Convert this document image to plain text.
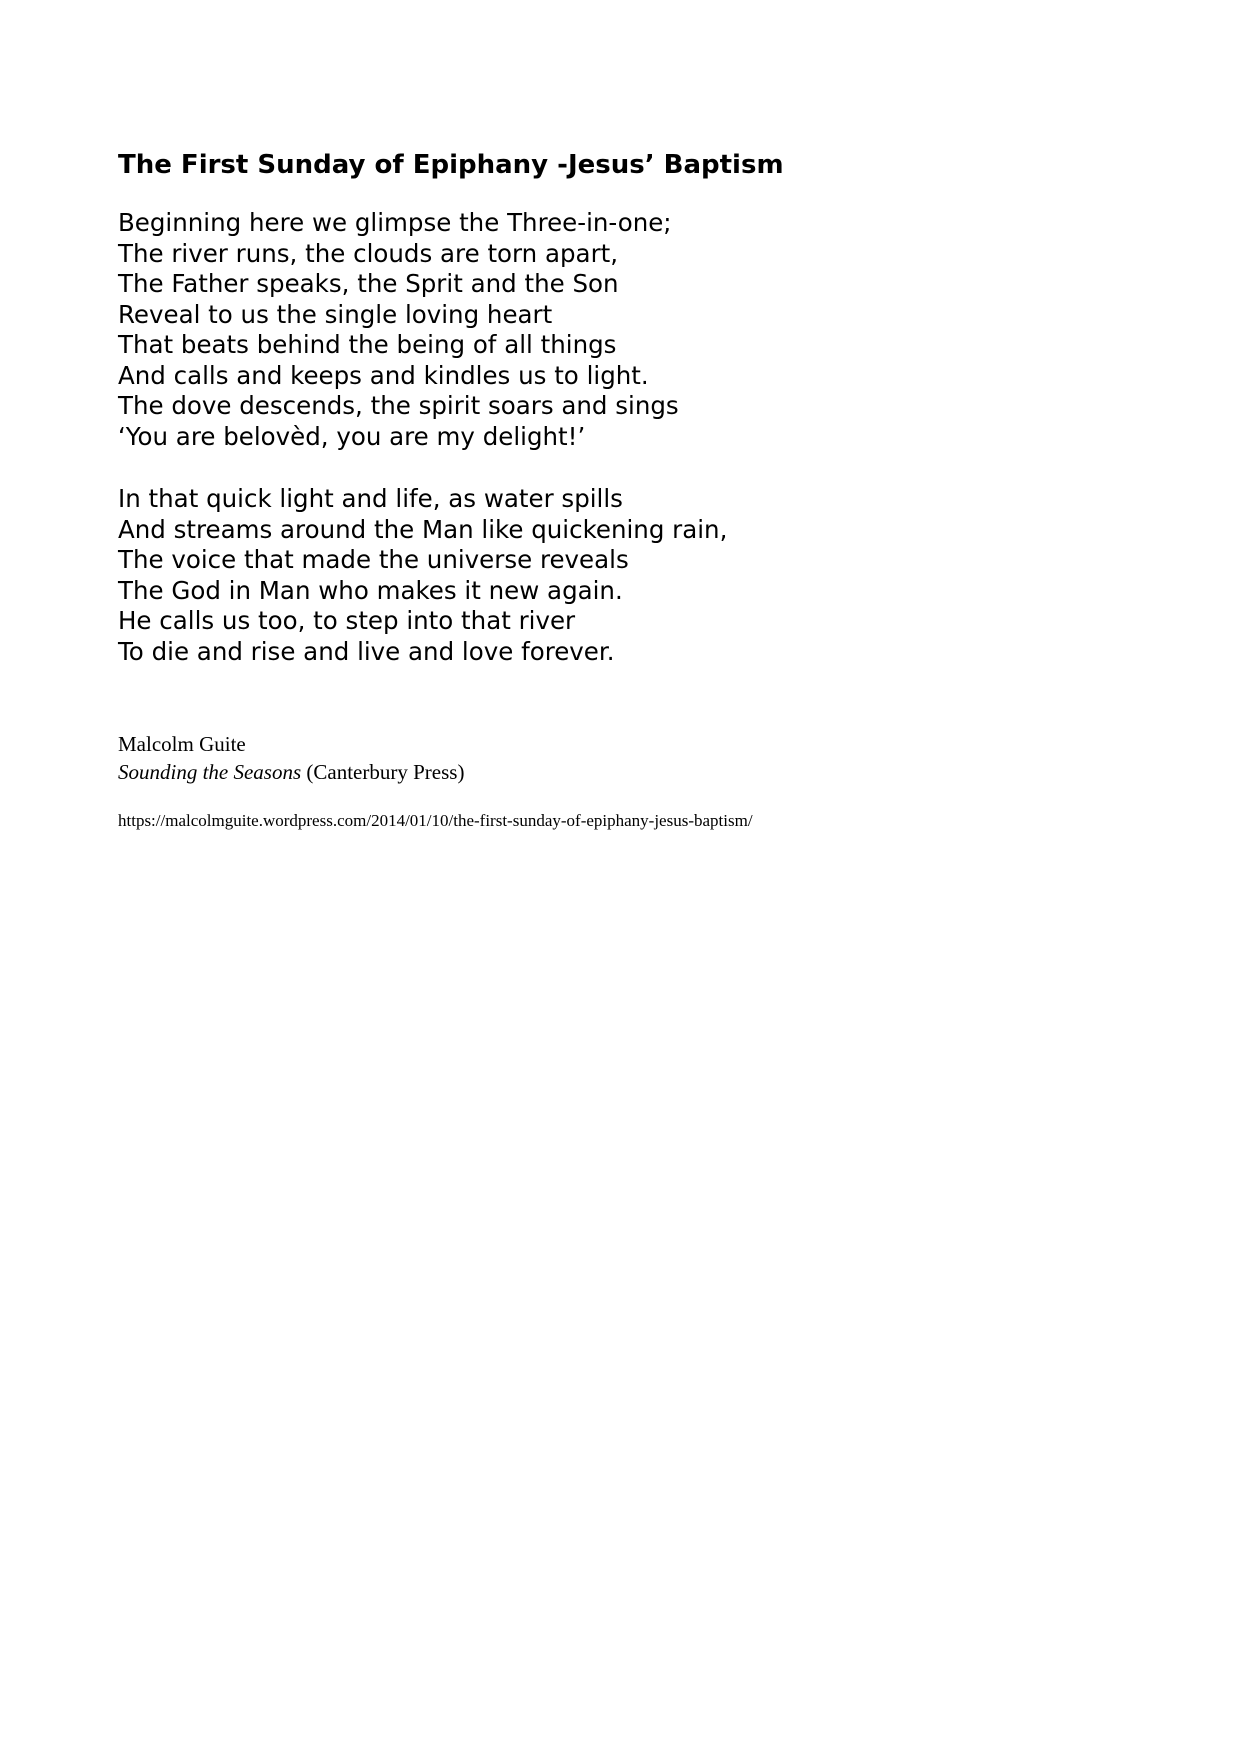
The First Sunday of Epiphany -Jesus’ Baptism
Beginning here we glimpse the Three-in-one;
The river runs, the clouds are torn apart,
The Father speaks, the Sprit and the Son
Reveal to us the single loving heart
That beats behind the being of all things
And calls and keeps and kindles us to light.
The dove descends, the spirit soars and sings
‘You are belovèd, you are my delight!’
In that quick light and life, as water spills
And streams around the Man like quickening rain,
The voice that made the universe reveals
The God in Man who makes it new again.
He calls us too, to step into that river
To die and rise and live and love forever.
Malcolm Guite
Sounding the Seasons (Canterbury Press)
https://malcolmguite.wordpress.com/2014/01/10/the-first-sunday-of-epiphany-jesus-baptism/
